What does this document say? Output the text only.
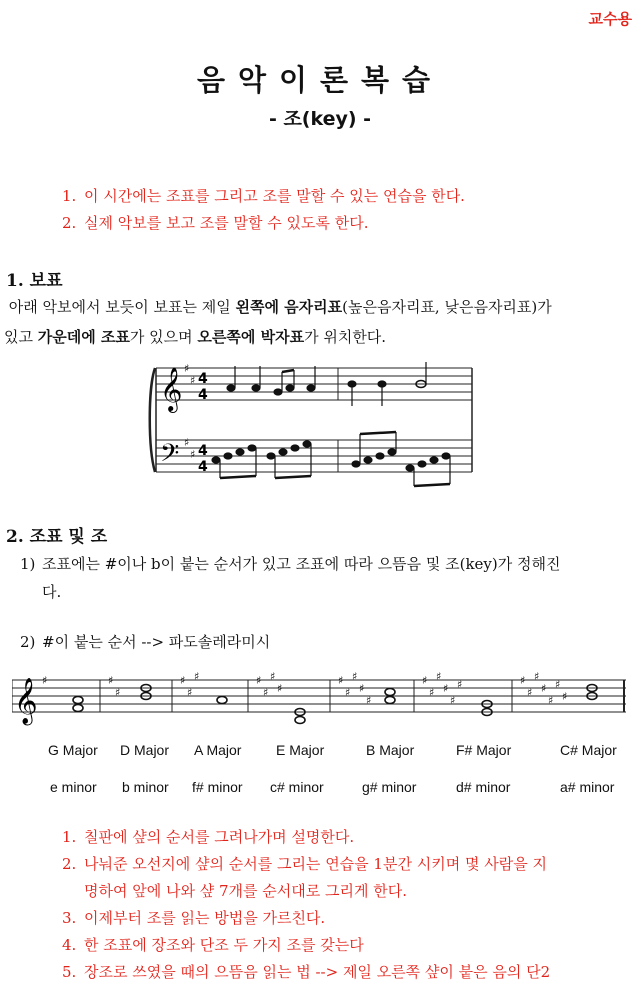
교수용
음악이론복습
- 조(key) -
1. 이 시간에는 조표를 그리고 조를 말할 수 있는 연습을 한다.
2. 실제 악보를 보고 조를 말할 수 있도록 한다.
1. 보표
아래 악보에서 보듯이 보표는 제일 왼쪽에 음자리표(높은음자리표, 낮은음자리표)가
있고 가운데에 조표가 있으며 오른쪽에 박자표가 위치한다.
𝄞
𝄢
♯
♯
♯
♯
4
4
4
4
2. 조표 및 조
1) 조표에는 #이나 b이 붙는 순서가 있고 조표에 따라 으뜸음 및 조(key)가 정해진
다.
2) #이 붙는 순서 --> 파도솔레라미시
𝄞 ♯	♯
♯
♯
♯
♯	♯
♯
♯
♯
♯
♯
♯
♯
♯
♯
♯
♯
♯
♯
♯	♯
♯
♯
♯
♯
♯
♯
G Major D Major A Major E Major	B Major	F# Major	C# Major
e minor b minor f# minor c# minor	g# minor	d# minor	a# minor
1. 칠판에 샾의 순서를 그려나가며 설명한다.
2. 나눠준 오선지에 샾의 순서를 그리는 연습을 1분간 시키며 몇 사람을 지
명하여 앞에 나와 샾 7개를 순서대로 그리게 한다.
3. 이제부터 조를 읽는 방법을 가르친다.
4. 한 조표에 장조와 단조 두 가지 조를 갖는다
5. 장조로 쓰였을 때의 으뜸음 읽는 법 --> 제일 오른쪽 샾이 붙은 음의 단2
